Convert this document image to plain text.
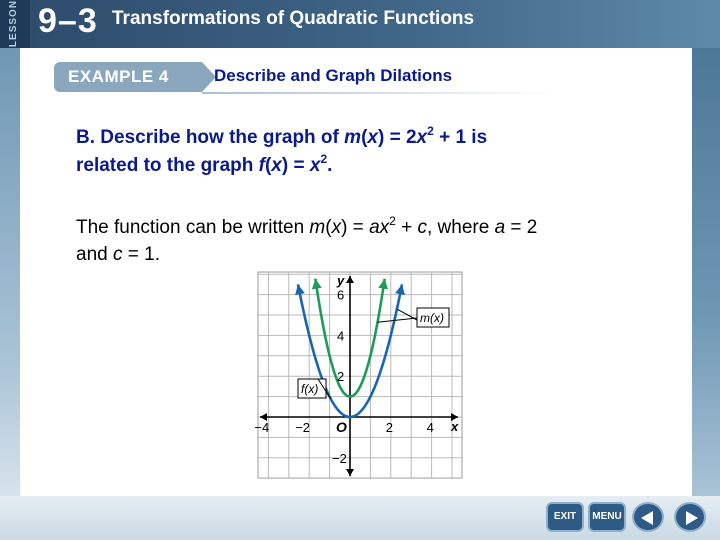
LESSON 9–3 Transformations of Quadratic Functions
EXAMPLE 4	Describe and Graph Dilations
B. Describe how the graph of $m(x) = 2x^2 + 1$ is
related to the graph $f(x) = x^2$.
The function can be written $m(x) = ax^2 + c$, where a = 2
and c = 1.
−4 −2	2	4
6
4
2
−2
O	x
y
m(x)
f(x)
EXIT	MENU
